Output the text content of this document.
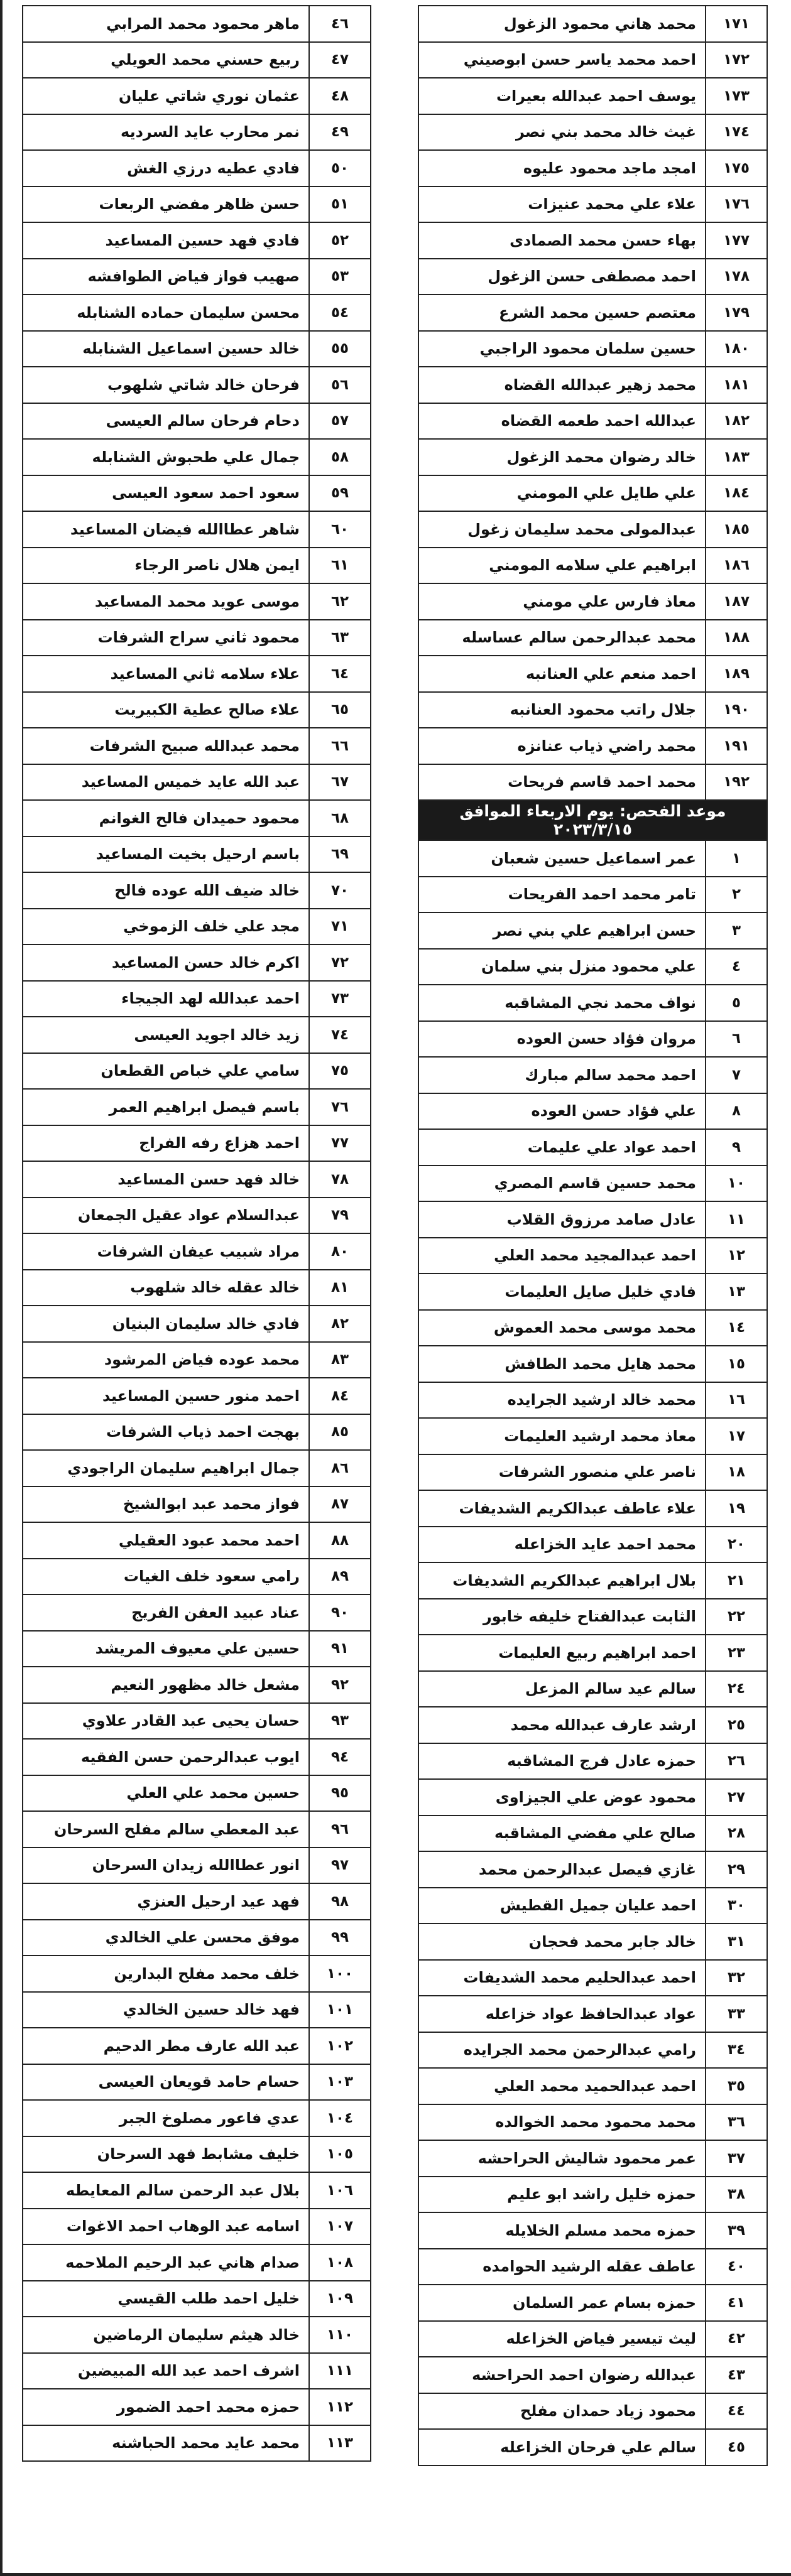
٤٦	ماهر محمود محمد المرابي
٤٧	ربيع حسني محمد العويلي
٤٨	عثمان نوري شاتي عليان
٤٩	نمر محارب عايد السرديه
٥٠	فادي عطيه درزي الغش
٥١	حسن ظاهر مفضي الربعات
٥٢	فادي فهد حسين المساعيد
٥٣	صهيب فواز فياض الطوافشه
٥٤	محسن سليمان حماده الشنابله
٥٥	خالد حسين اسماعيل الشنابله
٥٦	فرحان خالد شاتي شلهوب
٥٧	دحام فرحان سالم العيسى
٥٨	جمال علي طحبوش الشنابله
٥٩	سعود احمد سعود العيسى
٦٠	شاهر عطاالله فيضان المساعيد
٦١	ايمن هلال ناصر الرجاء
٦٢	موسى عويد محمد المساعيد
٦٣	محمود ثاني سراح الشرفات
٦٤	علاء سلامه ثاني المساعيد
٦٥	علاء صالح عطية الكبيريت
٦٦	محمد عبدالله صبيح الشرفات
٦٧	عبد الله عايد خميس المساعيد
٦٨	محمود حميدان فالح الغوانم
٦٩	باسم ارحيل بخيت المساعيد
٧٠	خالد ضيف الله عوده فالح
٧١	مجد علي خلف الزموخي
٧٢	اكرم خالد حسن المساعيد
٧٣	احمد عبدالله لهد الجيجاء
٧٤	زيد خالد اجويد العيسى
٧٥	سامي علي خباص القطعان
٧٦	باسم فيصل ابراهيم العمر
٧٧	احمد هزاع رفه الفراج
٧٨	خالد فهد حسن المساعيد
٧٩	عبدالسلام عواد عقيل الجمعان
٨٠	مراد شبيب عيفان الشرفات
٨١	خالد عقله خالد شلهوب
٨٢	فادي خالد سليمان البنيان
٨٣	محمد عوده فياض المرشود
٨٤	احمد منور حسين المساعيد
٨٥	بهجت احمد ذياب الشرفات
٨٦	جمال ابراهيم سليمان الراجودي
٨٧	فواز محمد عبد ابوالشيخ
٨٨	احمد محمد عبود العقيلي
٨٩	رامي سعود خلف الغيات
٩٠	عناد عبيد العفن الفريج
٩١	حسين علي معيوف المريشد
٩٢	مشعل خالد مظهور النعيم
٩٣	حسان يحيى عبد القادر علاوي
٩٤	ايوب عبدالرحمن حسن الفقيه
٩٥	حسين محمد علي العلي
٩٦	عبد المعطي سالم مفلح السرحان
٩٧	انور عطاالله زيدان السرحان
٩٨	فهد عيد ارحيل العنزي
٩٩	موفق محسن علي الخالدي
١٠٠	خلف محمد مفلح البدارين
١٠١	فهد خالد حسين الخالدي
١٠٢	عبد الله عارف مطر الدحيم
١٠٣	حسام حامد قويعان العيسى
١٠٤	عدي فاعور مصلوخ الجبر
١٠٥	خليف مشابط فهد السرحان
١٠٦	بلال عبد الرحمن سالم المعايطه
١٠٧	اسامه عبد الوهاب احمد الاغوات
١٠٨	صدام هاني عبد الرحيم الملاحمه
١٠٩	خليل احمد طلب القيسي
١١٠	خالد هيثم سليمان الرماضين
١١١	اشرف احمد عبد الله المبيضين
١١٢	حمزه محمد احمد الضمور
١١٣	محمد عايد محمد الحباشنه
١٧١	محمد هاني محمود الزغول
١٧٢	احمد محمد ياسر حسن ابوصيني
١٧٣	يوسف احمد عبدالله بعيرات
١٧٤	غيث خالد محمد بني نصر
١٧٥	امجد ماجد محمود عليوه
١٧٦	علاء علي محمد عنيزات
١٧٧	بهاء حسن محمد الصمادى
١٧٨	احمد مصطفى حسن الزغول
١٧٩	معتصم حسين محمد الشرع
١٨٠	حسين سلمان محمود الراجبي
١٨١	محمد زهير عبدالله القضاه
١٨٢	عبدالله احمد طعمه القضاه
١٨٣	خالد رضوان محمد الزغول
١٨٤	علي طايل علي المومني
١٨٥	عبدالمولى محمد سليمان زغول
١٨٦	ابراهيم علي سلامه المومني
١٨٧	معاذ فارس علي مومني
١٨٨	محمد عبدالرحمن سالم عساسله
١٨٩	احمد منعم علي العنانبه
١٩٠	جلال راتب محمود العنانبه
١٩١	محمد راضي ذياب عنانزه
١٩٢	محمد احمد قاسم فريحات
موعد الفحص: يوم الاربعاء الموافق ٢٠٢٣/٣/١٥	
١	عمر اسماعيل حسين شعبان
٢	تامر محمد احمد الفريحات
٣	حسن ابراهيم علي بني نصر
٤	علي محمود منزل بني سلمان
٥	نواف محمد نجي المشاقبه
٦	مروان فؤاد حسن العوده
٧	احمد محمد سالم مبارك
٨	علي فؤاد حسن العوده
٩	احمد عواد علي عليمات
١٠	محمد حسين قاسم المصري
١١	عادل صامد مرزوق القلاب
١٢	احمد عبدالمجيد محمد العلي
١٣	فادي خليل صايل العليمات
١٤	محمد موسى محمد العموش
١٥	محمد هايل محمد الطافش
١٦	محمد خالد ارشيد الجرايده
١٧	معاذ محمد ارشيد العليمات
١٨	ناصر علي منصور الشرفات
١٩	علاء عاطف عبدالكريم الشديفات
٢٠	محمد احمد عايد الخزاعله
٢١	بلال ابراهيم عبدالكريم الشديفات
٢٢	الثابت عبدالفتاح خليفه خابور
٢٣	احمد ابراهيم ربيع العليمات
٢٤	سالم عيد سالم المزعل
٢٥	ارشد عارف عبدالله محمد
٢٦	حمزه عادل فرج المشاقبه
٢٧	محمود عوض علي الجيزاوى
٢٨	صالح علي مفضي المشاقبه
٢٩	غازي فيصل عبدالرحمن محمد
٣٠	احمد عليان جميل القطيش
٣١	خالد جابر محمد فحجان
٣٢	احمد عبدالحليم محمد الشديفات
٣٣	عواد عبدالحافظ عواد خزاعله
٣٤	رامي عبدالرحمن محمد الجرايده
٣٥	احمد عبدالحميد محمد العلي
٣٦	محمد محمود محمد الخوالده
٣٧	عمر محمود شاليش الحراحشه
٣٨	حمزه خليل راشد ابو عليم
٣٩	حمزه محمد مسلم الخلايله
٤٠	عاطف عقله الرشيد الحوامده
٤١	حمزه بسام عمر السلمان
٤٢	ليث تيسير فياض الخزاعله
٤٣	عبدالله رضوان احمد الحراحشه
٤٤	محمود زياد حمدان مفلح
٤٥	سالم علي فرحان الخزاعله
